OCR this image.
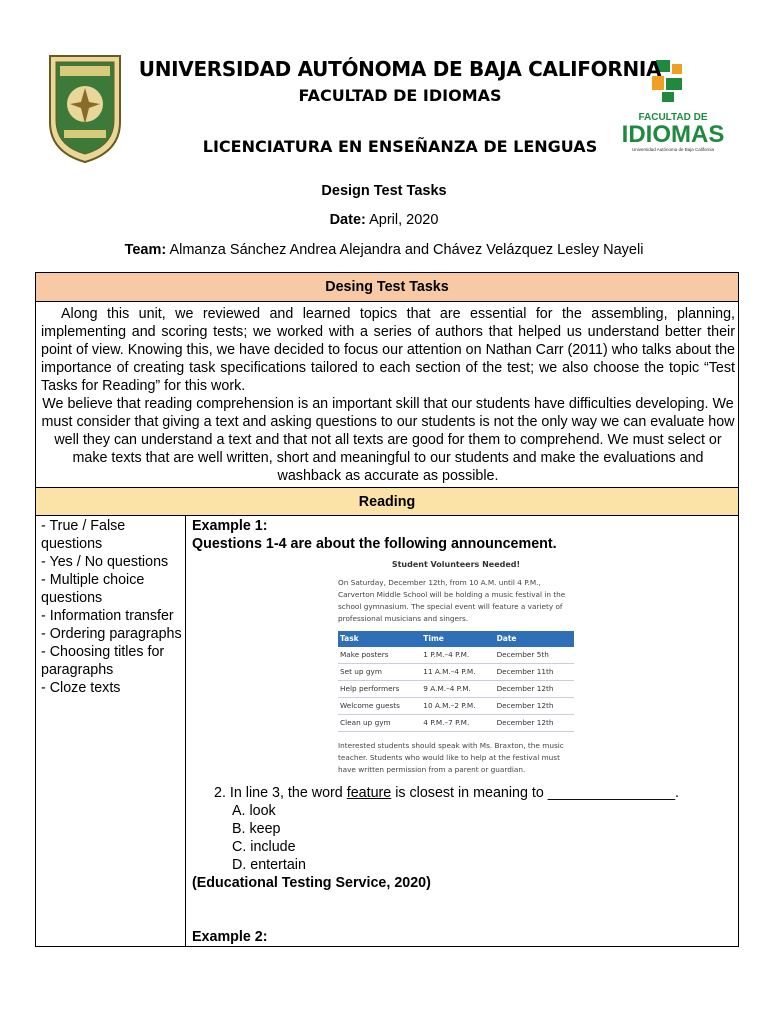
FACULTAD DE
IDIOMAS
Universidad Autónoma de Baja California
UNIVERSIDAD AUTÓNOMA DE BAJA CALIFORNIA
FACULTAD DE IDIOMAS
LICENCIATURA EN ENSEÑANZA DE LENGUAS
Design Test Tasks
Date: April, 2020
Team: Almanza Sánchez Andrea Alejandra and Chávez Velázquez Lesley Nayeli
Desing Test Tasks

Along this unit, we reviewed and learned topics that are essential for the assembling, planning, implementing and scoring tests; we worked with a series of authors that helped us understand better their point of view. Knowing this, we have decided to focus our attention on Nathan Carr (2011) who talks about the importance of creating task specifications tailored to each section of the test; we also choose the topic “Test Tasks for Reading” for this work.

We believe that reading comprehension is an important skill that our students have difficulties developing. We must consider that giving a text and asking questions to our students is not the only way we can evaluate how well they can understand a text and that not all texts are good for them to comprehend. We must select or make texts that are well written, short and meaningful to our students and make the evaluations and washback as accurate as possible.

Reading

- True / False questions
- Yes / No questions
- Multiple choice questions
- Information transfer
- Ordering paragraphs
- Choosing titles for paragraphs
- Cloze texts

Example 1:
Questions 1-4 are about the following announcement.
Student Volunteers Needed!
On Saturday, December 12th, from 10 A.M. until 4 P.M., Carverton Middle School will be holding a music festival in the school gymnasium. The special event will feature a variety of professional musicians and singers.
Task	Time	Date
Make posters	1 P.M.–4 P.M.	December 5th
Set up gym	11 A.M.–4 P.M.	December 11th
Help performers	9 A.M.–4 P.M.	December 12th
Welcome guests	10 A.M.–2 P.M.	December 12th
Clean up gym	4 P.M.–7 P.M.	December 12th
Interested students should speak with Ms. Braxton, the music teacher. Students who would like to help at the festival must have written permission from a parent or guardian.
2. In line 3, the word feature is closest in meaning to ________________.
A. look
B. keep
C. include
D. entertain
(Educational Testing Service, 2020)
Example 2:
